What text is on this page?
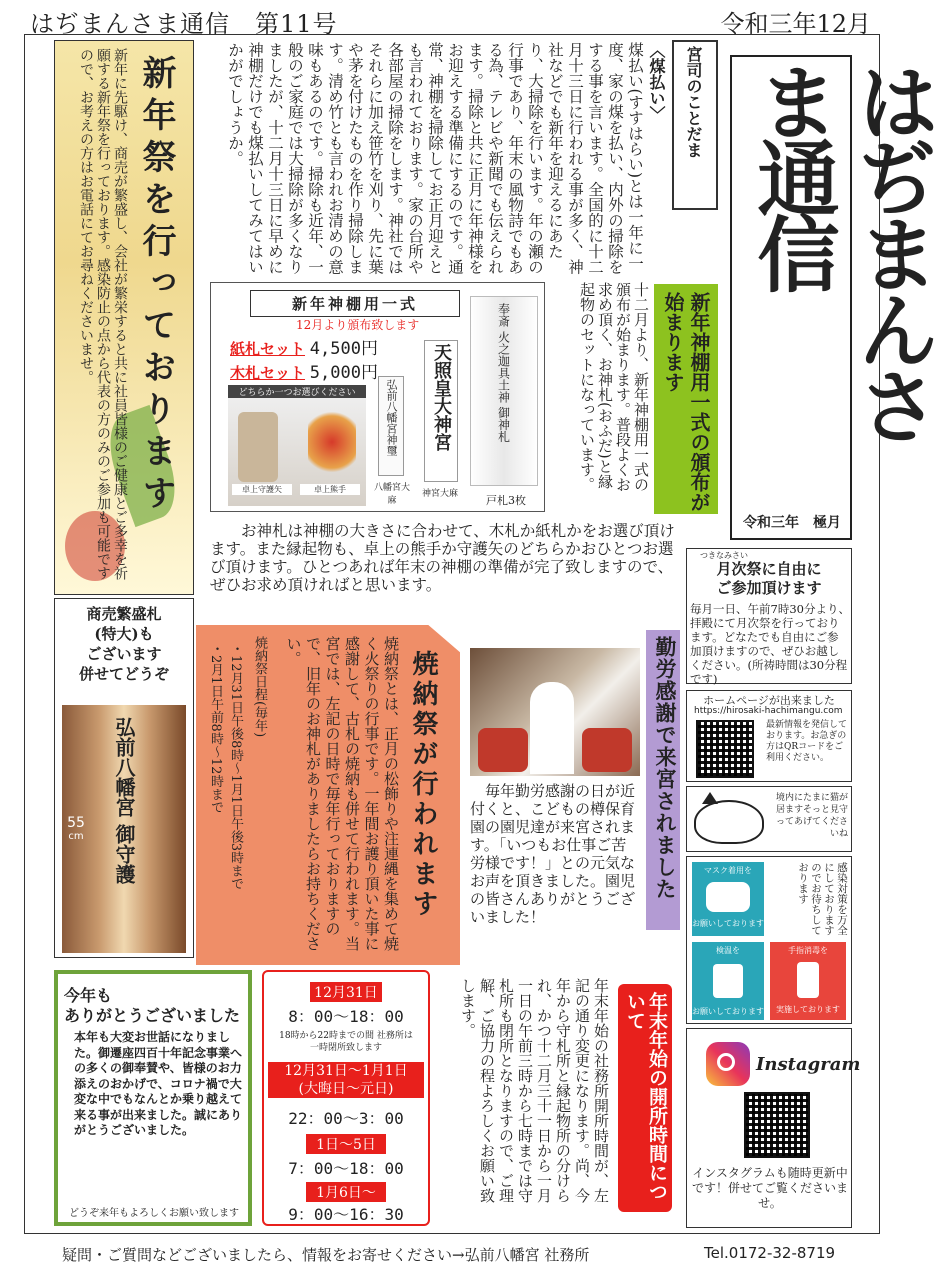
はぢまんさま通信　第11号	令和三年12月
新年祭を行っております
新年に先駆け、商売が繁盛し、会社が繁栄すると共に社員皆様のご健康とご多幸を祈願する新年祭を行っております。感染防止の点から代表の方のみのご参加も可能ですので、お考えの方はお電話にてお尋ねくださいませ。
商売繁盛札
(特大)も
ございます
併せてどうぞ
弘前八幡宮 御守護
55
cm
はぢまんさま通信
令和三年　極月
宮司のことだま
〈煤払い〉
煤払い(すすはらい)とは一年に一度、家の煤を払い、内外の掃除をする事を言います。全国的に十二月十三日に行われる事が多く、神社などでも新年を迎えるにあたり、大掃除を行います。年の瀬の行事であり、年末の風物詩でもある為、テレビや新聞でも伝えられます。掃除と共に正月に年神様をお迎えする準備にするのです。通常、神棚を掃除してお正月迎えとも言われております。家の台所や各部屋の掃除をします。神社ではそれらに加え笹竹を刈り、先に葉や茅を付けたものを作り掃除します。清め竹とも言われお清めの意味もあるのです。掃除も近年、一般のご家庭では大掃除が多くなりましたが、十二月十三日に早めに神棚だけでも煤払いしてみてはいかがでしょうか。
新年神棚用一式
12月より頒布致します
紙札セット 4,500円
木札セット 5,000円
どちらか一つお選びください
卓上守護矢	卓上熊手
弘前八幡宮神璽
八幡宮大麻
天照皇大神宮
神宮大麻
奉斎 火之迦具土神 御神札
戸札3枚
十二月より、新年神棚用一式の頒布が始まります。普段よくお求め頂く、お神札(おふだ)と縁起物のセットになっています。	新年神棚用一式の頒布が始まります
お神札は神棚の大きさに合わせて、木札か紙札かをお選び頂けます。また縁起物も、卓上の熊手か守護矢のどちらかおひとつお選び頂けます。ひとつあれば年末の神棚の準備が完了致しますので、ぜひお求め頂ければと思います。
つきなみさい
月次祭に自由に
ご参加頂けます
毎月一日、午前7時30分より、拝殿にて月次祭を行っております。どなたでも自由にご参加頂けますので、ぜひお越しください。(所祷時間は30分程です)
ホームページが出来ました
https://hirosaki-hachimangu.com
最新情報を発信しております。お急ぎの方はQRコードをご利用ください。
境内にたまに猫が居ますそっと見守ってあげてくださいね
マスク着用を
お願いしております	感染対策を万全にしておりますのでお待ちしております
検温を
お願いしております
手指消毒を
実施しております
Instagram
インスタグラムも随時更新中です！併せてご覧くださいませ。
焼納祭が行われます
焼納祭とは、正月の松飾りや注連縄を集めて焼く火祭りの行事です。一年間お護り頂いた事に感謝して、古札の焼納も併せて行われます。当宮では、左記の日時で毎年行っておりますので、旧年のお神札がありましたらお持ちください。
焼納祭日程(毎年)
・12月31日午後8時〜1月1日午後3時まで
・2月1日午前8時〜12時まで	毎年勤労感謝の日が近付くと、こどもの樽保育園の園児達が来宮されます。「いつもお仕事ご苦労様です！」との元気なお声を頂きました。園児の皆さんありがとうございました！
勤労感謝で来宮されました
今年も
ありがとうございました
本年も大変お世話になりました。御遷座四百十年記念事業への多くの御奉賛や、皆様のお力添えのおかげで、コロナ禍で大変な中でもなんとか乗り越えて来る事が出来ました。誠にありがとうございました。
どうぞ来年もよろしくお願い致します
12月31日
8：00〜18：00
18時から22時までの間 社務所は一時閉所致します
12月31日〜1月1日
(大晦日〜元日)
22：00〜3：00
1日〜5日
7：00〜18：00
1月6日〜
9：00〜16：30
年末年始の社務所開所時間が、左記の通り変更になります。尚、今年から守札所と縁起物所の分けられ、かつ十二月三十一日から一月一日の午前三時から七時までは守札所も閉所となりますので、ご理解、ご協力の程よろしくお願い致します。	年末年始の開所時間について
疑問・ご質問などございましたら、情報をお寄せください→弘前八幡宮 社務所	Tel.0172-32-8719
